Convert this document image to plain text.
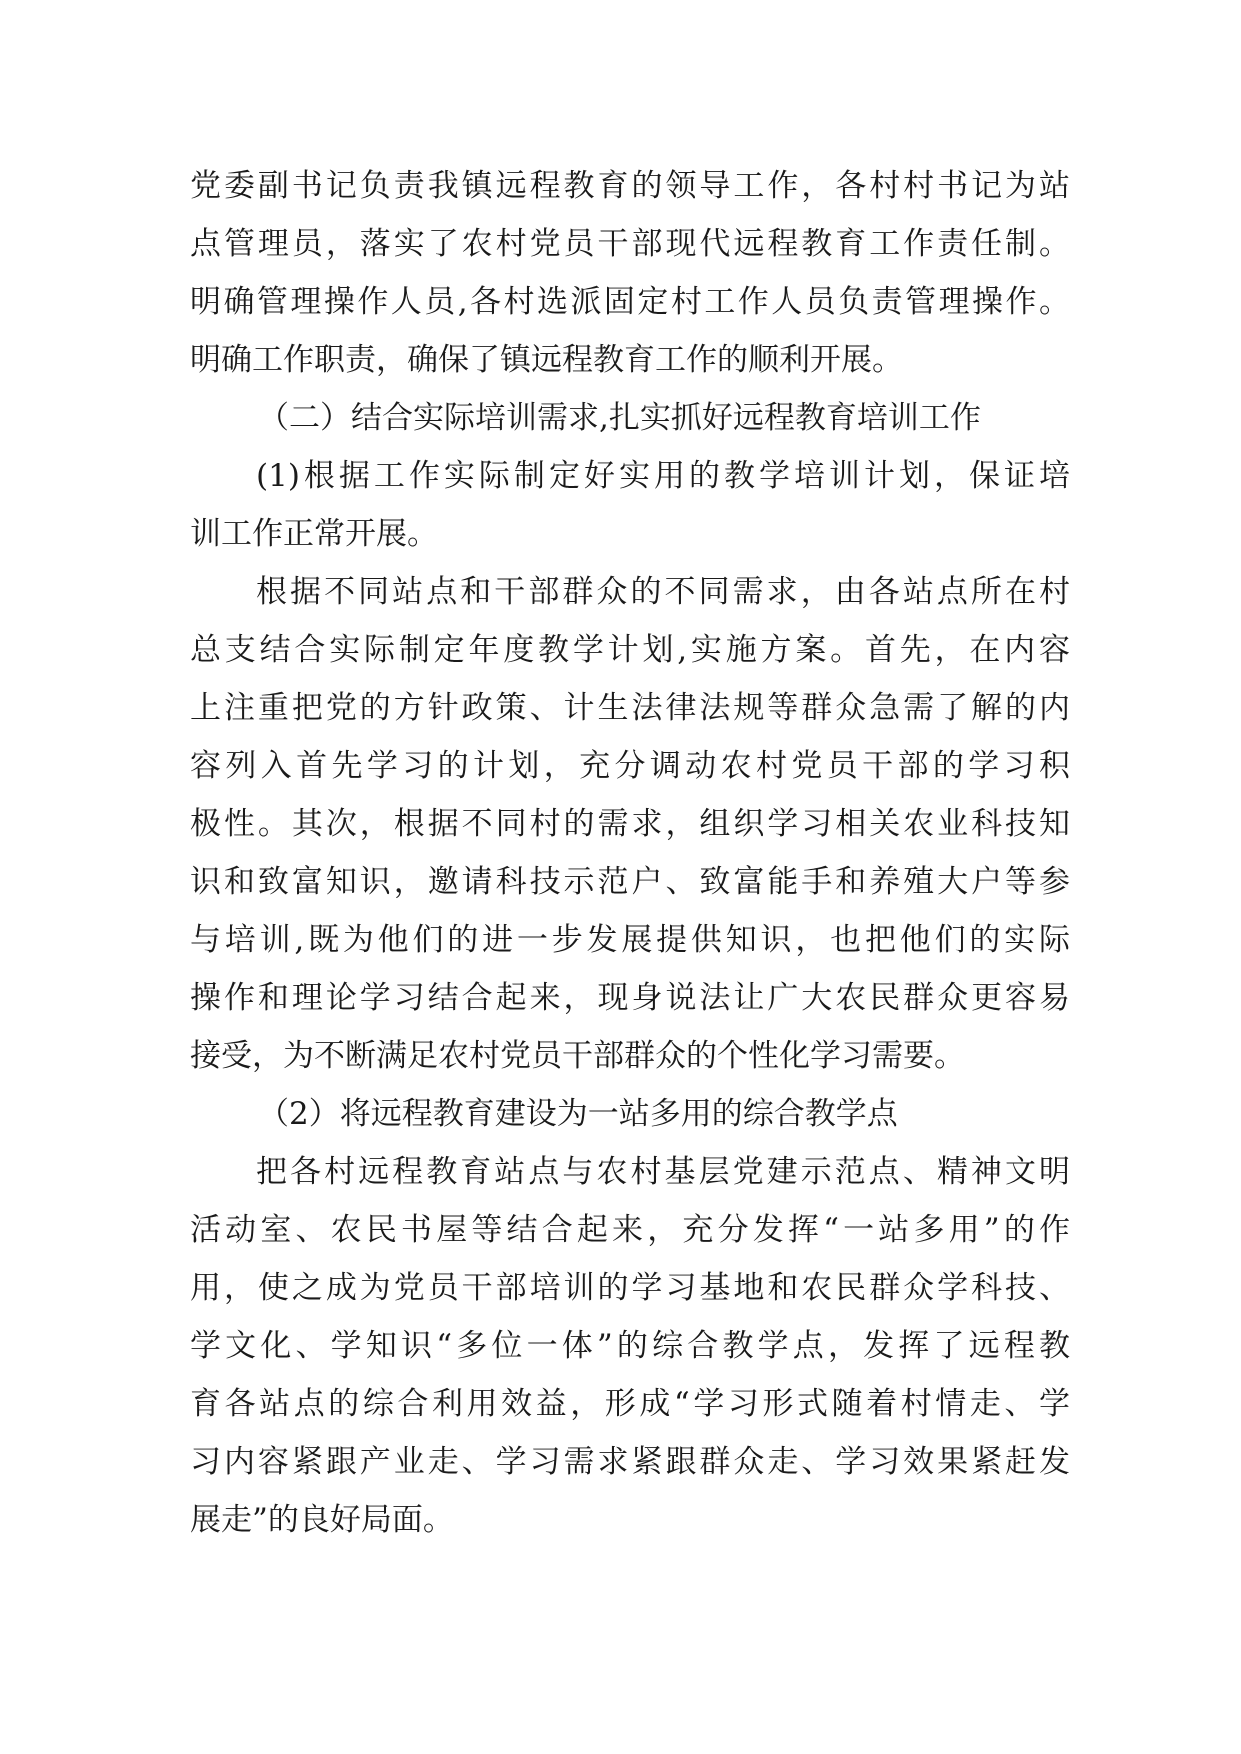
党委副书记负责我镇远程教育的领导工作，各村村书记为站
点管理员，落实了农村党员干部现代远程教育工作责任制。
明确管理操作人员,各村选派固定村工作人员负责管理操作。
明确工作职责，确保了镇远程教育工作的顺利开展。
（二）结合实际培训需求,扎实抓好远程教育培训工作
(1)根据工作实际制定好实用的教学培训计划，保证培
训工作正常开展。
根据不同站点和干部群众的不同需求，由各站点所在村
总支结合实际制定年度教学计划,实施方案。首先，在内容
上注重把党的方针政策、计生法律法规等群众急需了解的内
容列入首先学习的计划，充分调动农村党员干部的学习积
极性。其次，根据不同村的需求，组织学习相关农业科技知
识和致富知识，邀请科技示范户、致富能手和养殖大户等参
与培训,既为他们的进一步发展提供知识，也把他们的实际
操作和理论学习结合起来，现身说法让广大农民群众更容易
接受，为不断满足农村党员干部群众的个性化学习需要。
（2）将远程教育建设为一站多用的综合教学点
把各村远程教育站点与农村基层党建示范点、精神文明
活动室、农民书屋等结合起来，充分发挥“一站多用”的作
用，使之成为党员干部培训的学习基地和农民群众学科技、
学文化、学知识“多位一体”的综合教学点，发挥了远程教
育各站点的综合利用效益，形成“学习形式随着村情走、学
习内容紧跟产业走、学习需求紧跟群众走、学习效果紧赶发
展走”的良好局面。
